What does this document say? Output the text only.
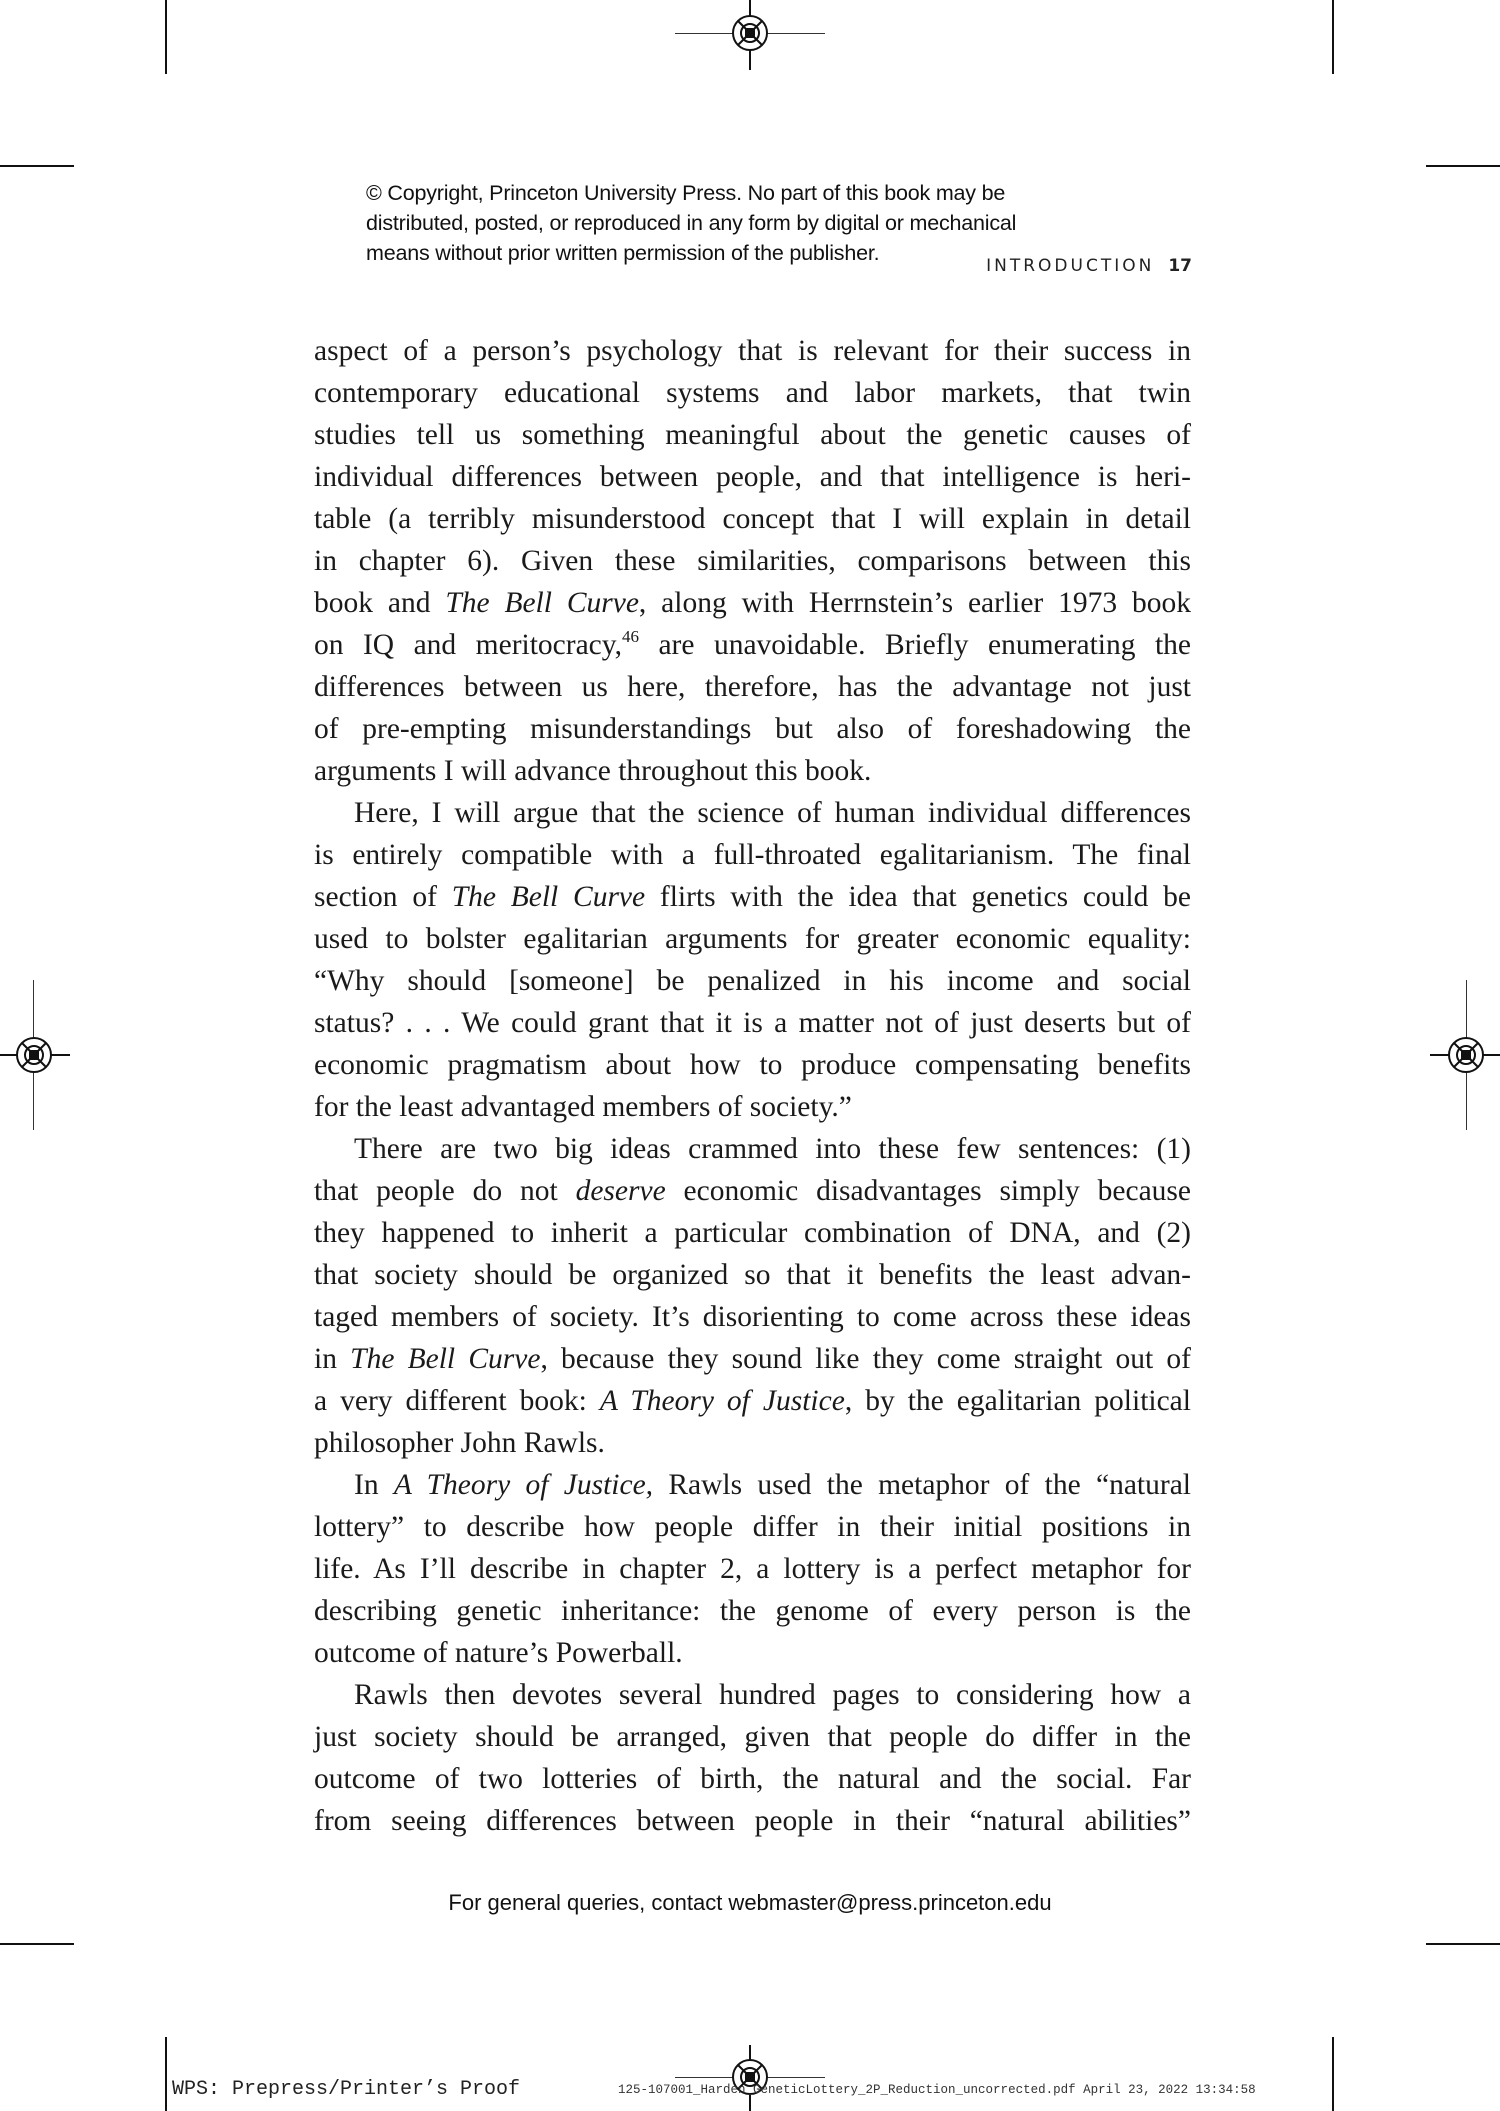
© Copyright, Princeton University Press. No part of this book may be
distributed, posted, or reproduced in any form by digital or mechanical
means without prior written permission of the publisher.
INTRODUCTION 17

aspect of a person’s psychology that is relevant for their success in
contemporary educational systems and labor markets, that twin
studies tell us something meaningful about the genetic causes of
individual differences between people, and that intelligence is heri-
table (a terribly misunderstood concept that I will explain in detail
in chapter 6). Given these similarities, comparisons between this
book and The Bell Curve, along with Herrnstein’s earlier 1973 book
on IQ and meritocracy,$^{46}$ are unavoidable. Briefly enumerating the
differences between us here, therefore, has the advantage not just
of pre-empting misunderstandings but also of foreshadowing the
arguments I will advance throughout this book.

Here, I will argue that the science of human individual differences
is entirely compatible with a full-throated egalitarianism. The final
section of The Bell Curve flirts with the idea that genetics could be
used to bolster egalitarian arguments for greater economic equality:
“Why should [someone] be penalized in his income and social
status? . . . We could grant that it is a matter not of just deserts but of
economic pragmatism about how to produce compensating benefits
for the least advantaged members of society.”

There are two big ideas crammed into these few sentences: (1)
that people do not deserve economic disadvantages simply because
they happened to inherit a particular combination of DNA, and (2)
that society should be organized so that it benefits the least advan-
taged members of society. It’s disorienting to come across these ideas
in The Bell Curve, because they sound like they come straight out of
a very different book: A Theory of Justice, by the egalitarian political
philosopher John Rawls.

In A Theory of Justice, Rawls used the metaphor of the “natural
lottery” to describe how people differ in their initial positions in
life. As I’ll describe in chapter 2, a lottery is a perfect metaphor for
describing genetic inheritance: the genome of every person is the
outcome of nature’s Powerball.

Rawls then devotes several hundred pages to considering how a
just society should be arranged, given that people do differ in the
outcome of two lotteries of birth, the natural and the social. Far
from seeing differences between people in their “natural abilities”

For general queries, contact webmaster@press.princeton.edu
WPS: Prepress/Printer’s Proof	125-107001_Harden_GeneticLottery_2P_Reduction_uncorrected.pdf April 23, 2022 13:34:58
